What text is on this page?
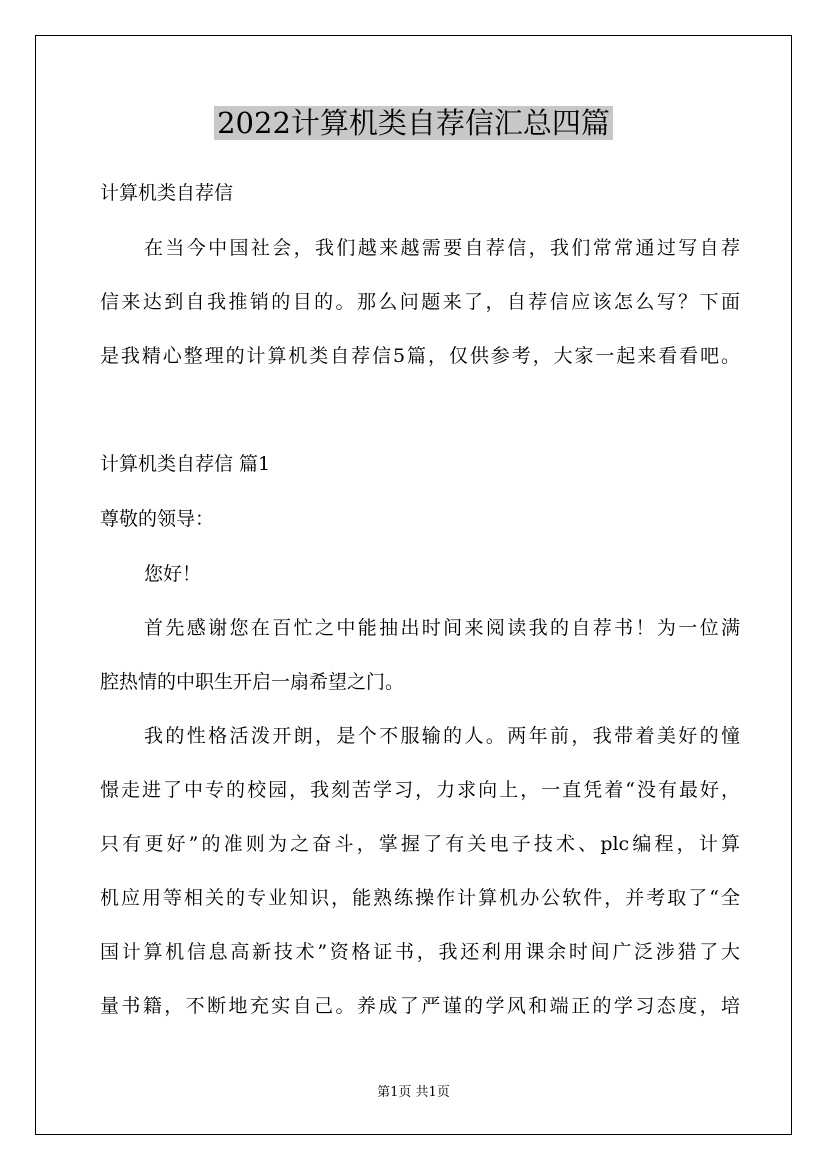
2022计算机类自荐信汇总四篇

计算机类自荐信

在当今中国社会，我们越来越需要自荐信，我们常常通过写自荐

信来达到自我推销的目的。那么问题来了，自荐信应该怎么写？下面

是我精心整理的计算机类自荐信5篇，仅供参考，大家一起来看看吧。

计算机类自荐信 篇1

尊敬的领导：

您好！

首先感谢您在百忙之中能抽出时间来阅读我的自荐书！为一位满

腔热情的中职生开启一扇希望之门。

我的性格活泼开朗，是个不服输的人。两年前，我带着美好的憧

憬走进了中专的校园，我刻苦学习，力求向上，一直凭着“没有最好，

只有更好”的准则为之奋斗，掌握了有关电子技术、plc编程，计算

机应用等相关的专业知识，能熟练操作计算机办公软件，并考取了“全

国计算机信息高新技术”资格证书，我还利用课余时间广泛涉猎了大

量书籍，不断地充实自己。养成了严谨的学风和端正的学习态度，培

第1页 共1页
